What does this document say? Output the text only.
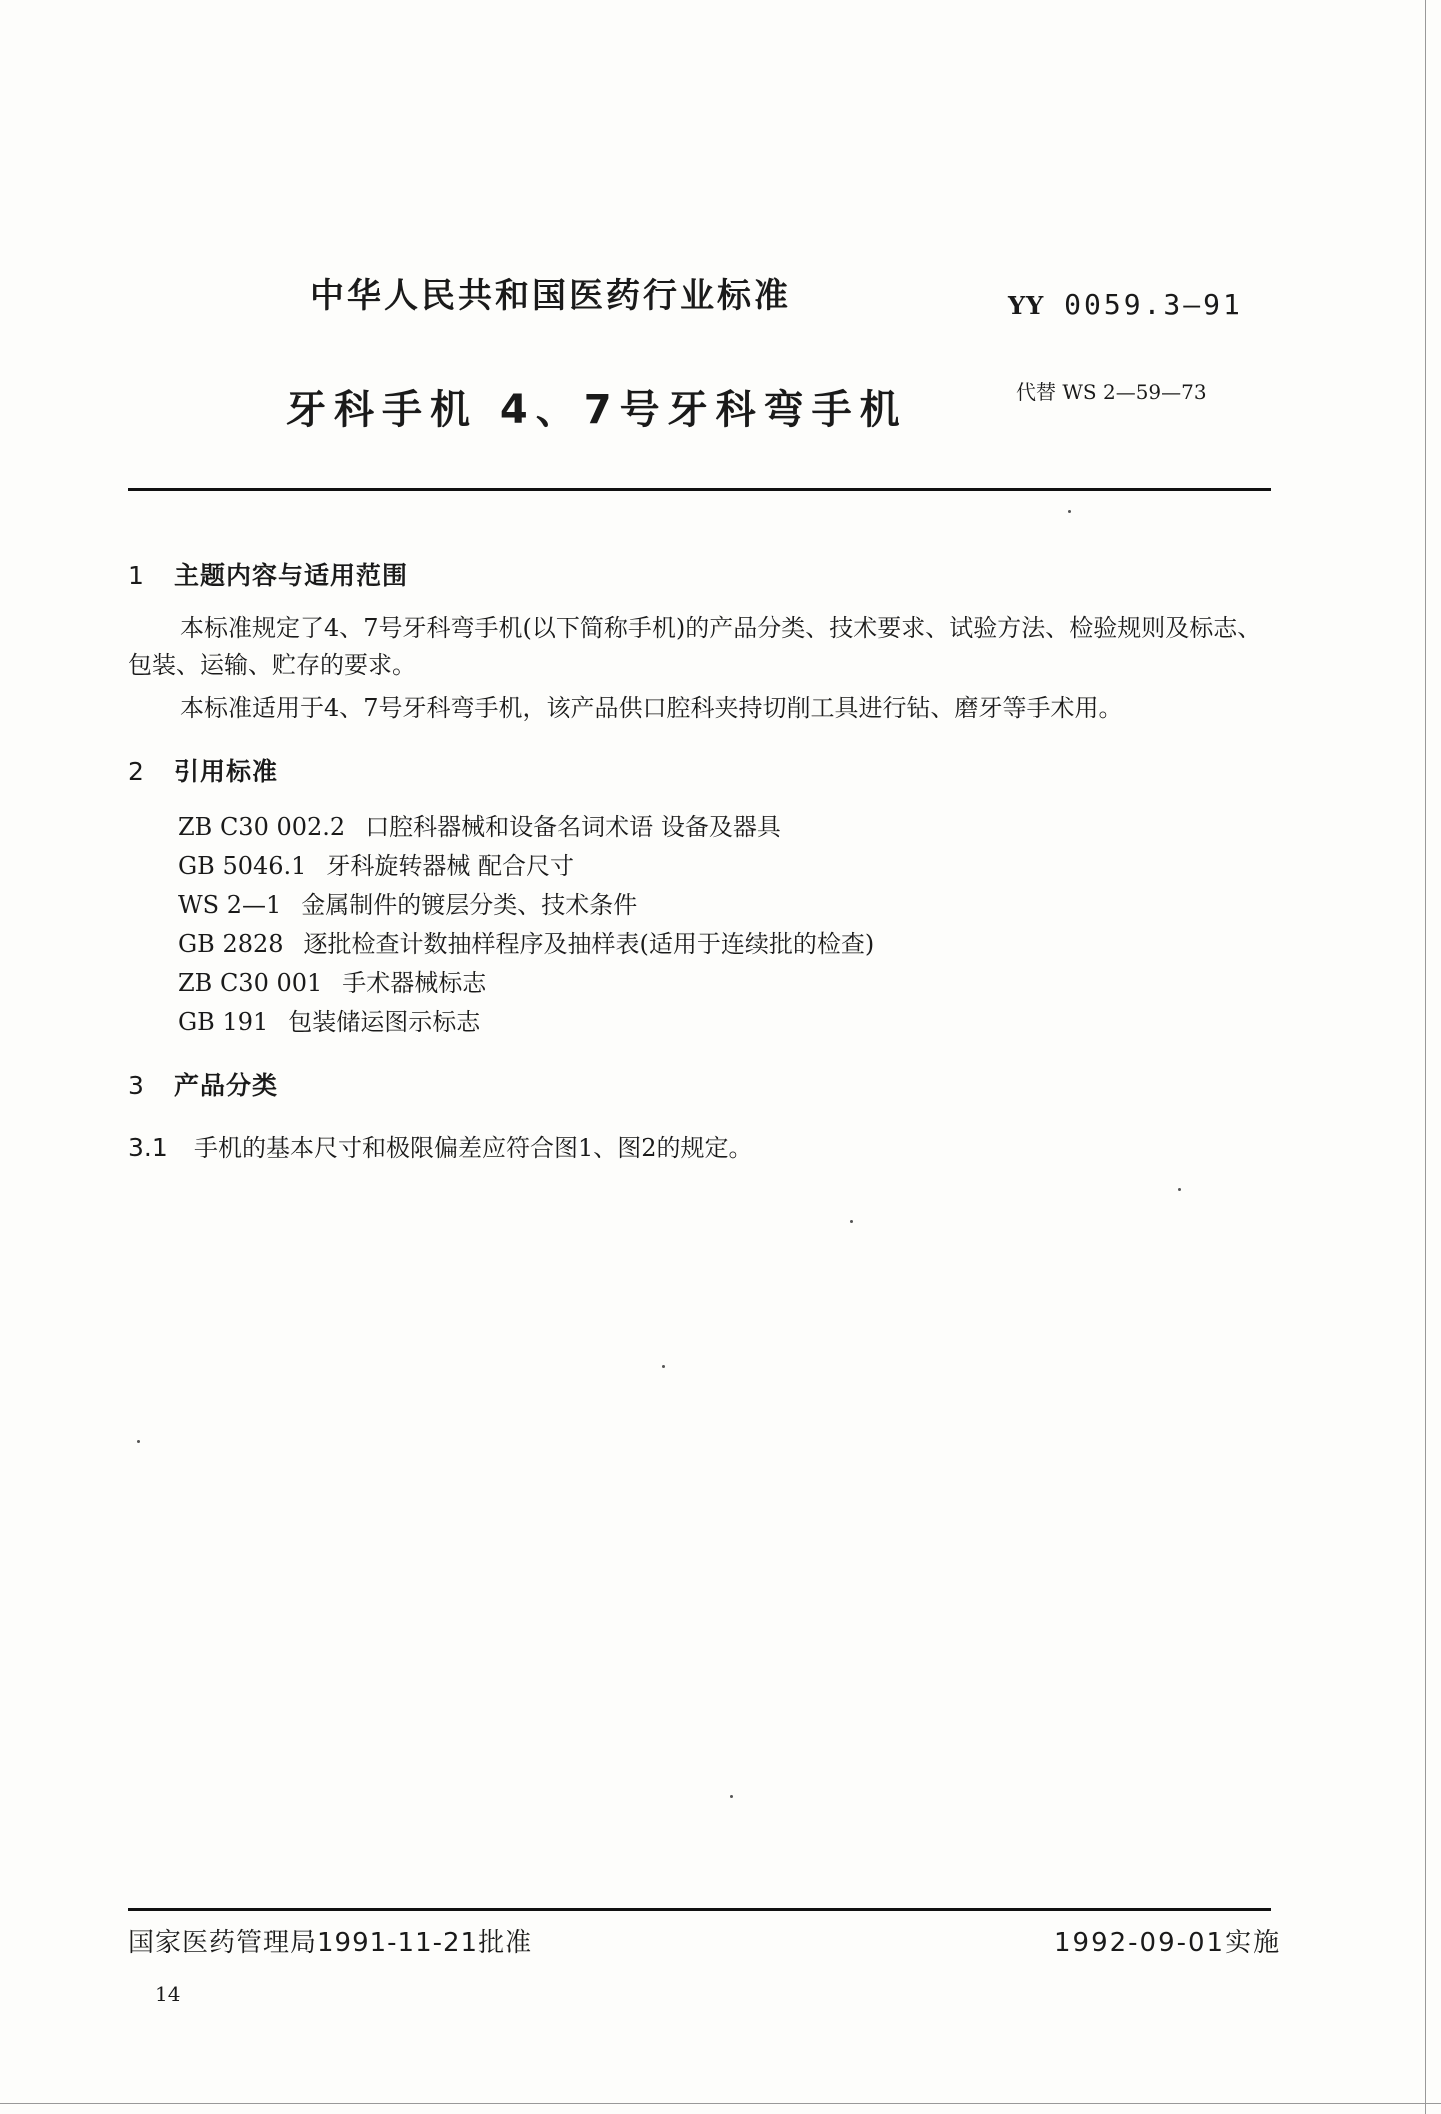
中华人民共和国医药行业标准	YY 0059.3—91
牙科手机 4、7号牙科弯手机	代替 WS 2—59—73
1 主题内容与适用范围
本标准规定了4、7号牙科弯手机(以下简称手机)的产品分类、技术要求、试验方法、检验规则及标志、包装、运输、贮存的要求。
本标准适用于4、7号牙科弯手机，该产品供口腔科夹持切削工具进行钻、磨牙等手术用。
2 引用标准
ZB C30 002.2 口腔科器械和设备名词术语 设备及器具
GB 5046.1 牙科旋转器械 配合尺寸
WS 2—1 金属制件的镀层分类、技术条件
GB 2828 逐批检查计数抽样程序及抽样表(适用于连续批的检查)
ZB C30 001 手术器械标志
GB 191 包装储运图示标志
3 产品分类
3.1 手机的基本尺寸和极限偏差应符合图1、图2的规定。
国家医药管理局1991-11-21批准	1992-09-01实施
14
